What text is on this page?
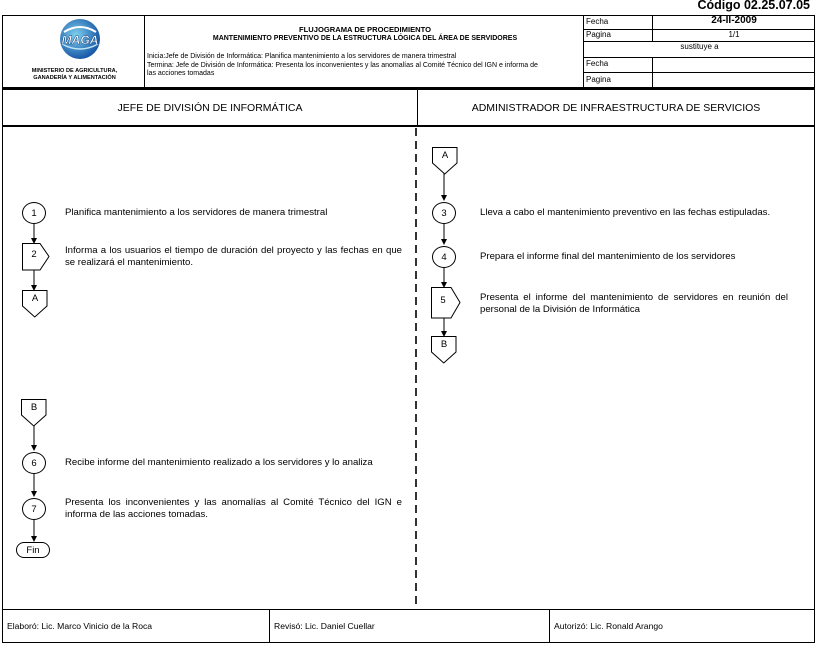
Código 02.25.07.05
MAGA
MINISTERIO DE AGRICULTURA,
GANADERÍA Y ALIMENTACIÓN
FLUJOGRAMA DE PROCEDIMIENTO
MANTENIMIENTO PREVENTIVO DE LA ESTRUCTURA LÓGICA DEL ÁREA DE SERVIDORES
Inicia:Jefe de División de Informática: Planifica mantenimiento a los servidores de manera trimestral
Termina: Jefe de División de Informática: Presenta los inconvenientes y las anomalías al Comité Técnico del IGN e informa de
las acciones tomadas
Fecha	24-II-2009
Pagina	1/1
sustituye a
Fecha
Pagina
JEFE DE DIVISIÓN DE INFORMÁTICA	ADMINISTRADOR DE INFRAESTRUCTURA DE SERVICIOS
A
A
B
B
1	Planifica mantenimiento a los servidores de manera trimestral
2	Informa a los usuarios el tiempo de duración del proyecto y las fechas en que se realizará el mantenimiento.
3	Lleva a cabo el mantenimiento preventivo en las fechas estipuladas.
4	Prepara el informe final del mantenimiento de los servidores
5	Presenta el informe del mantenimiento de servidores en reunión del personal de la División de Informática
6	Recibe informe del mantenimiento realizado a los servidores y lo analiza
7
Presenta los inconvenientes y las anomalías al Comité Técnico del IGN e informa de las acciones tomadas.
Fin
Elaboró: Lic. Marco Vinicio de la Roca	Revisó: Lic. Daniel Cuellar	Autorizó: Lic. Ronald Arango
